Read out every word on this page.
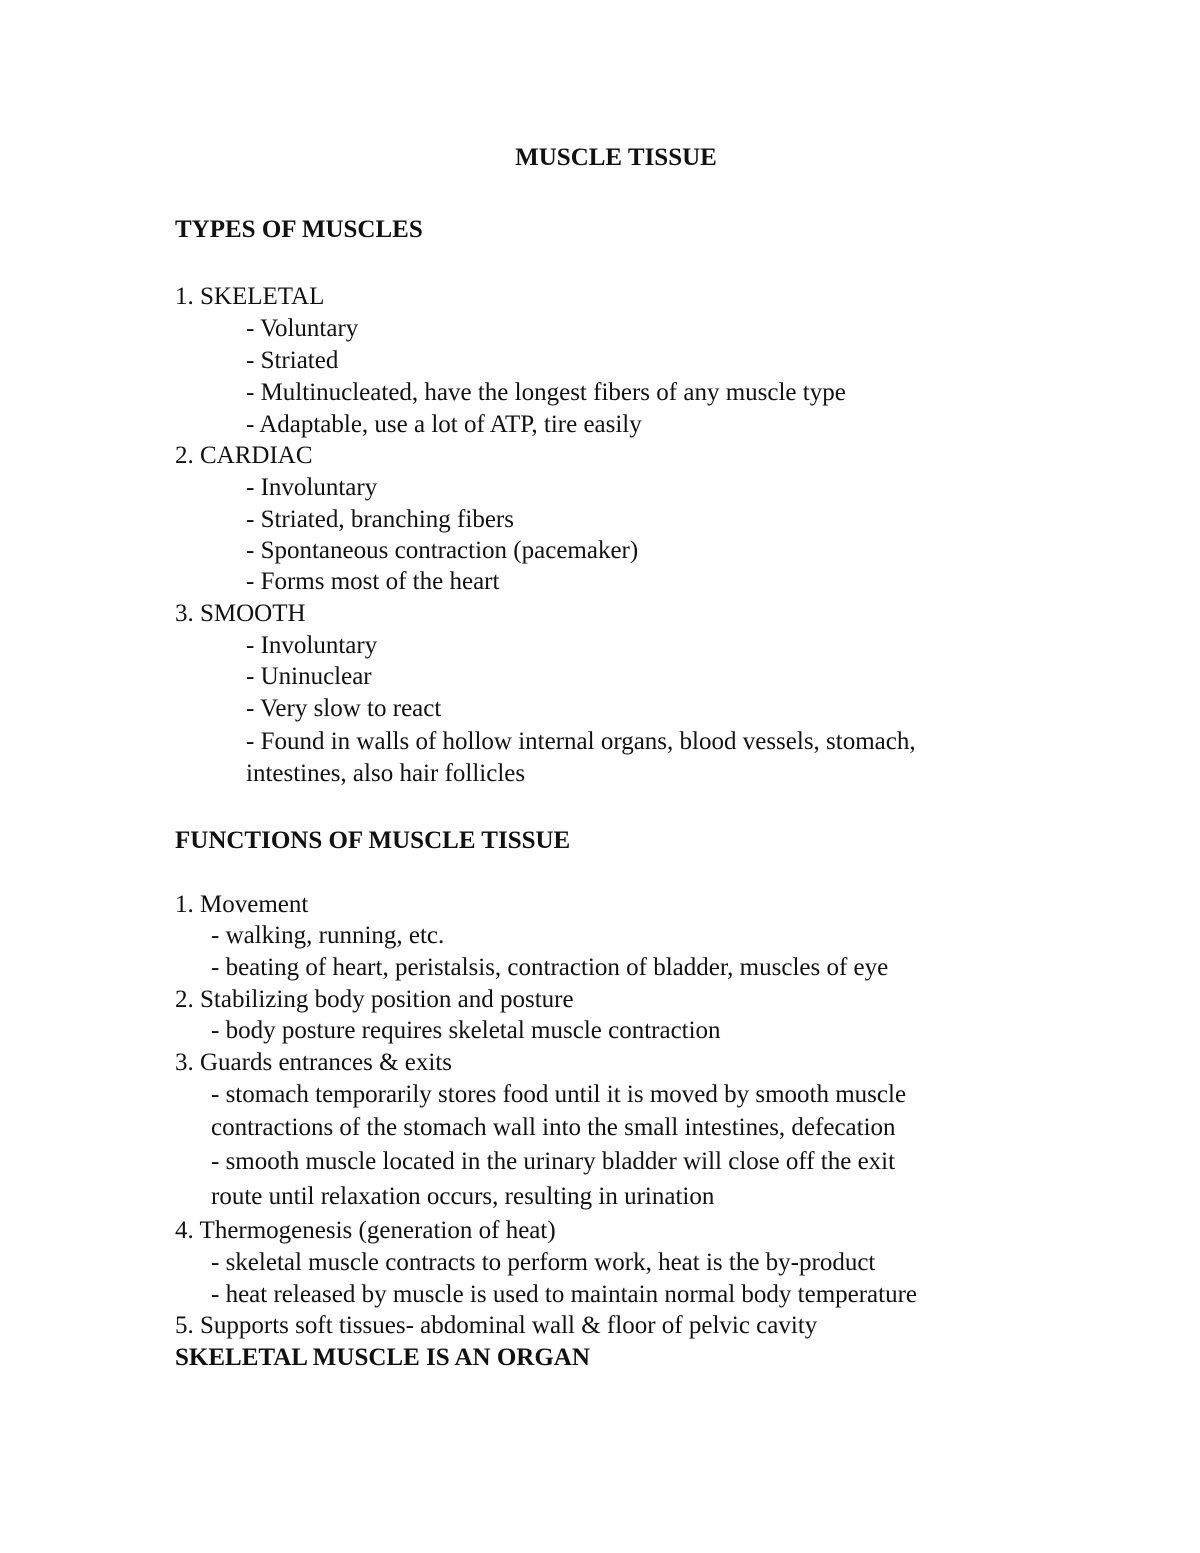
MUSCLE TISSUE
TYPES OF MUSCLES

1. SKELETAL

- Voluntary

- Striated

- Multinucleated, have the longest fibers of any muscle type

- Adaptable, use a lot of ATP, tire easily

2. CARDIAC

- Involuntary

- Striated, branching fibers

- Spontaneous contraction (pacemaker)

- Forms most of the heart

3. SMOOTH

- Involuntary

- Uninuclear

- Very slow to react

- Found in walls of hollow internal organs, blood vessels, stomach,

intestines, also hair follicles

FUNCTIONS OF MUSCLE TISSUE

1. Movement

- walking, running, etc.

- beating of heart, peristalsis, contraction of bladder, muscles of eye

2. Stabilizing body position and posture

- body posture requires skeletal muscle contraction

3. Guards entrances & exits

- stomach temporarily stores food until it is moved by smooth muscle

contractions of the stomach wall into the small intestines, defecation

- smooth muscle located in the urinary bladder will close off the exit

route until relaxation occurs, resulting in urination

4. Thermogenesis (generation of heat)

- skeletal muscle contracts to perform work, heat is the by-product

- heat released by muscle is used to maintain normal body temperature

5. Supports soft tissues- abdominal wall & floor of pelvic cavity

SKELETAL MUSCLE IS AN ORGAN
